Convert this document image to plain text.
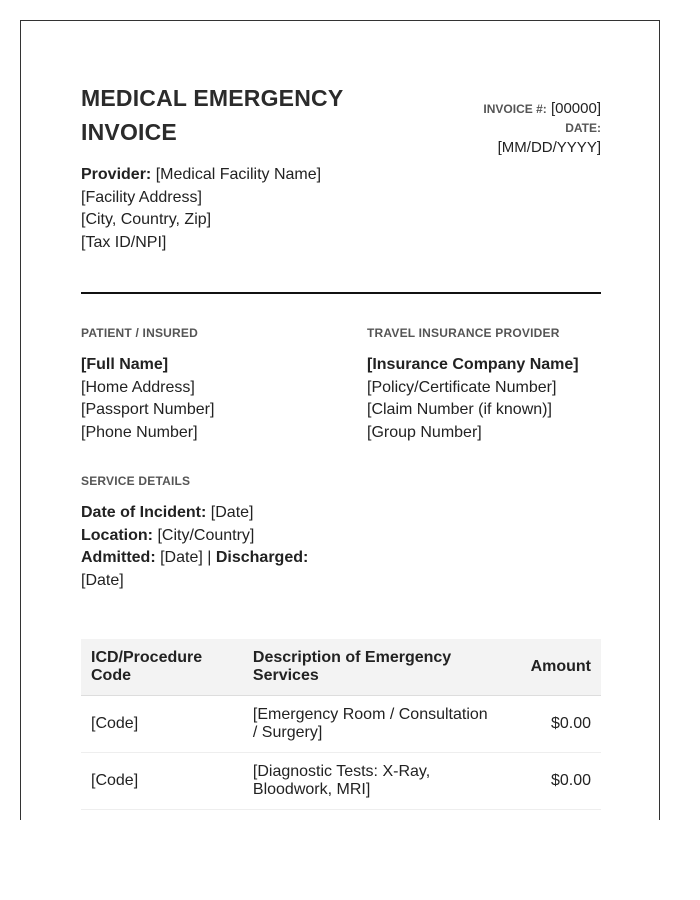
MEDICAL EMERGENCY INVOICE
INVOICE #: [00000]
DATE:
[MM/DD/YYYY]
Provider: [Medical Facility Name]
[Facility Address]
[City, Country, Zip]
[Tax ID/NPI]
PATIENT / INSURED
[Full Name]
[Home Address]
[Passport Number]
[Phone Number]
TRAVEL INSURANCE PROVIDER
[Insurance Company Name]
[Policy/Certificate Number]
[Claim Number (if known)]
[Group Number]
SERVICE DETAILS
Date of Incident: [Date]
Location: [City/Country]
Admitted: [Date] | Discharged: [Date]
ICD/Procedure Code	Description of Emergency Services	Amount
[Code]	[Emergency Room / Consultation / Surgery]	$0.00
[Code]	[Diagnostic Tests: X-Ray, Bloodwork, MRI]	$0.00
